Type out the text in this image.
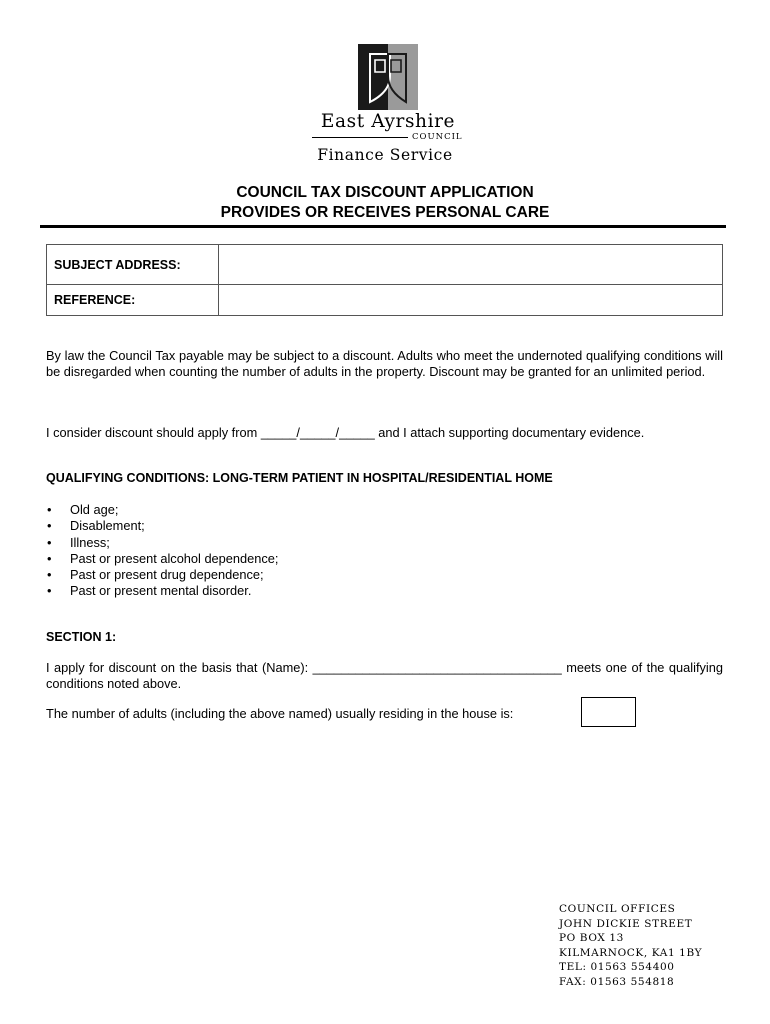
East Ayrshire
COUNCIL
Finance Service
COUNCIL TAX DISCOUNT APPLICATION
PROVIDES OR RECEIVES PERSONAL CARE
SUBJECT ADDRESS:	
REFERENCE:	
By law the Council Tax payable may be subject to a discount. Adults who meet the undernoted qualifying conditions will be disregarded when counting the number of adults in the property. Discount may be granted for an unlimited period.
I consider discount should apply from _____/_____/_____ and I attach supporting documentary evidence.
QUALIFYING CONDITIONS: LONG-TERM PATIENT IN HOSPITAL/RESIDENTIAL HOME
• Old age;
• Disablement;
• Illness;
• Past or present alcohol dependence;
• Past or present drug dependence;
• Past or present mental disorder.
SECTION 1:
I apply for discount on the basis that (Name): ___________________________________ meets one of the qualifying conditions noted above.
The number of adults (including the above named) usually residing in the house is:
COUNCIL OFFICES
JOHN DICKIE STREET
PO BOX 13
KILMARNOCK, KA1 1BY
TEL: 01563 554400
FAX: 01563 554818
